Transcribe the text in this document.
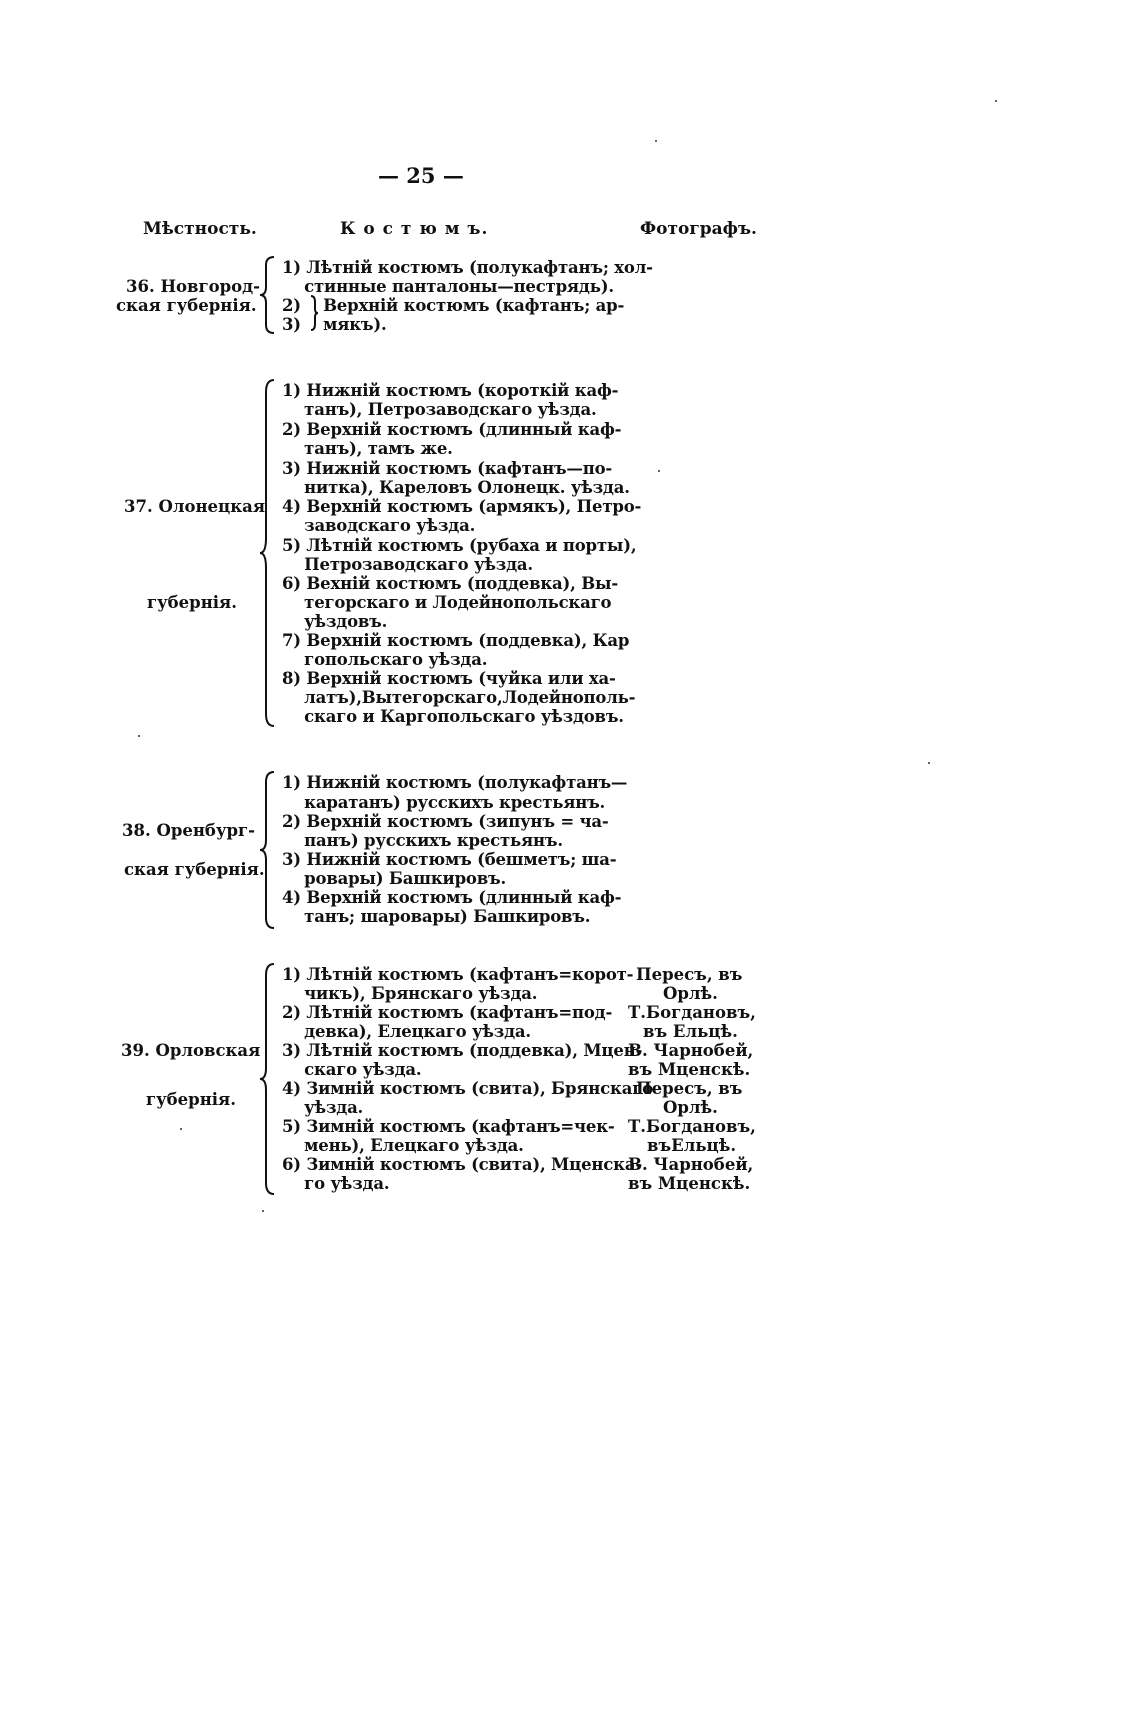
— 25 —
Мѣстность.	К о с т ю м ъ.	Фотографъ.
36. Новгород-
ская губернія.
1) Лѣтній костюмъ (полукафтанъ; хол-
стинные панталоны—пестрядь).
2)    Верхній костюмъ (кафтанъ; ар-
3)    мякъ).
37. Олонецкая
губернія.
1) Нижній костюмъ (короткій каф-
танъ), Петрозаводскаго уѣзда.
2) Верхній костюмъ (длинный каф-
танъ), тамъ же.
3) Нижній костюмъ (кафтанъ—по-
нитка), Кареловъ Олонецк. уѣзда.
4) Верхній костюмъ (армякъ), Петро-
заводскаго уѣзда.
5) Лѣтній костюмъ (рубаха и порты),
Петрозаводскаго уѣзда.
6) Вехній костюмъ (поддевка), Вы-
тегорскаго и Лодейнопольскаго
уѣздовъ.
7) Верхній костюмъ (поддевка), Кар
гопольскаго уѣзда.
8) Верхній костюмъ (чуйка или ха-
латъ),Вытегорскаго,Лодейнополь-
скаго и Каргопольскаго уѣздовъ.
38. Оренбург-
ская губернія.
1) Нижній костюмъ (полукафтанъ—
каратанъ) русскихъ крестьянъ.
2) Верхній костюмъ (зипунъ = ча-
панъ) русскихъ крестьянъ.
3) Нижній костюмъ (бешметъ; ша-
ровары) Башкировъ.
4) Верхній костюмъ (длинный каф-
танъ; шаровары) Башкировъ.
39. Орловская
губернія.
1) Лѣтній костюмъ (кафтанъ=корот-
чикъ), Брянскаго уѣзда.
2) Лѣтній костюмъ (кафтанъ=под-
девка), Елецкаго уѣзда.
3) Лѣтній костюмъ (поддевка), Мцен-
скаго уѣзда.
4) Зимній костюмъ (свита), Брянскаго
уѣзда.
5) Зимній костюмъ (кафтанъ=чек-
мень), Елецкаго уѣзда.
6) Зимній костюмъ (свита), Мценска-
го уѣзда.
Пересъ, въ
Орлѣ.
Т.Богдановъ,
въ Ельцѣ.
В. Чарнобей,
въ Мценскѣ.
Пересъ, въ
Орлѣ.
Т.Богдановъ,
въЕльцѣ.
В. Чарнобей,
въ Мценскѣ.
